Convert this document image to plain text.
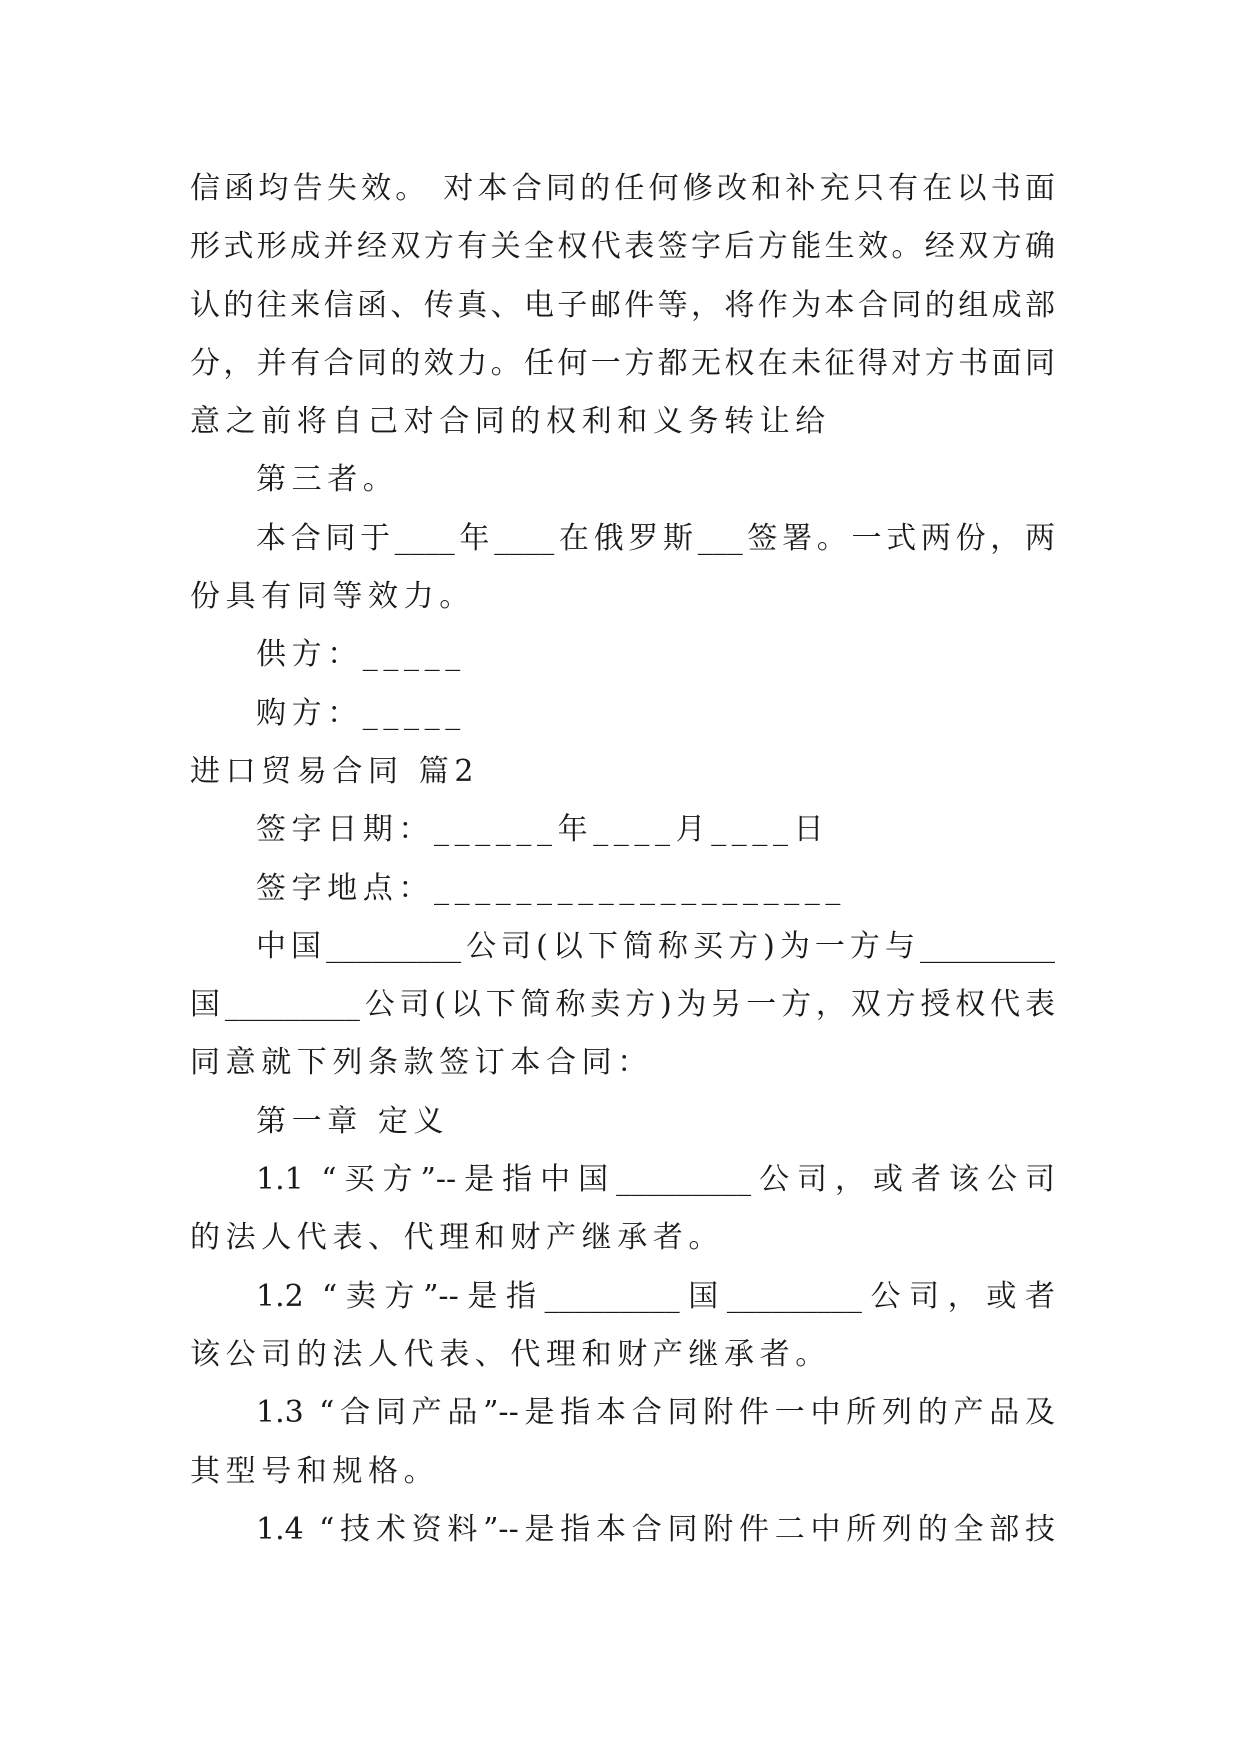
信函均告失效。 对本合同的任何修改和补充只有在以书面
形式形成并经双方有关全权代表签字后方能生效。经双方确
认的往来信函、传真、电子邮件等，将作为本合同的组成部
分，并有合同的效力。任何一方都无权在未征得对方书面同
意之前将自己对合同的权利和义务转让给
第三者。
本合同于____年____在俄罗斯___签署。一式两份，两
份具有同等效力。
供方：_____
购方：_____
进口贸易合同 篇2
签字日期：______年____月____日
签字地点：____________________
中国_________公司(以下简称买方)为一方与_________
国_________公司(以下简称卖方)为另一方，双方授权代表
同意就下列条款签订本合同：
第一章 定义
1.1 “买方”--是指中国_________公司，或者该公司
的法人代表、代理和财产继承者。
1.2 “卖方”--是指_________国_________公司，或者
该公司的法人代表、代理和财产继承者。
1.3 “合同产品”--是指本合同附件一中所列的产品及
其型号和规格。
1.4 “技术资料”--是指本合同附件二中所列的全部技
